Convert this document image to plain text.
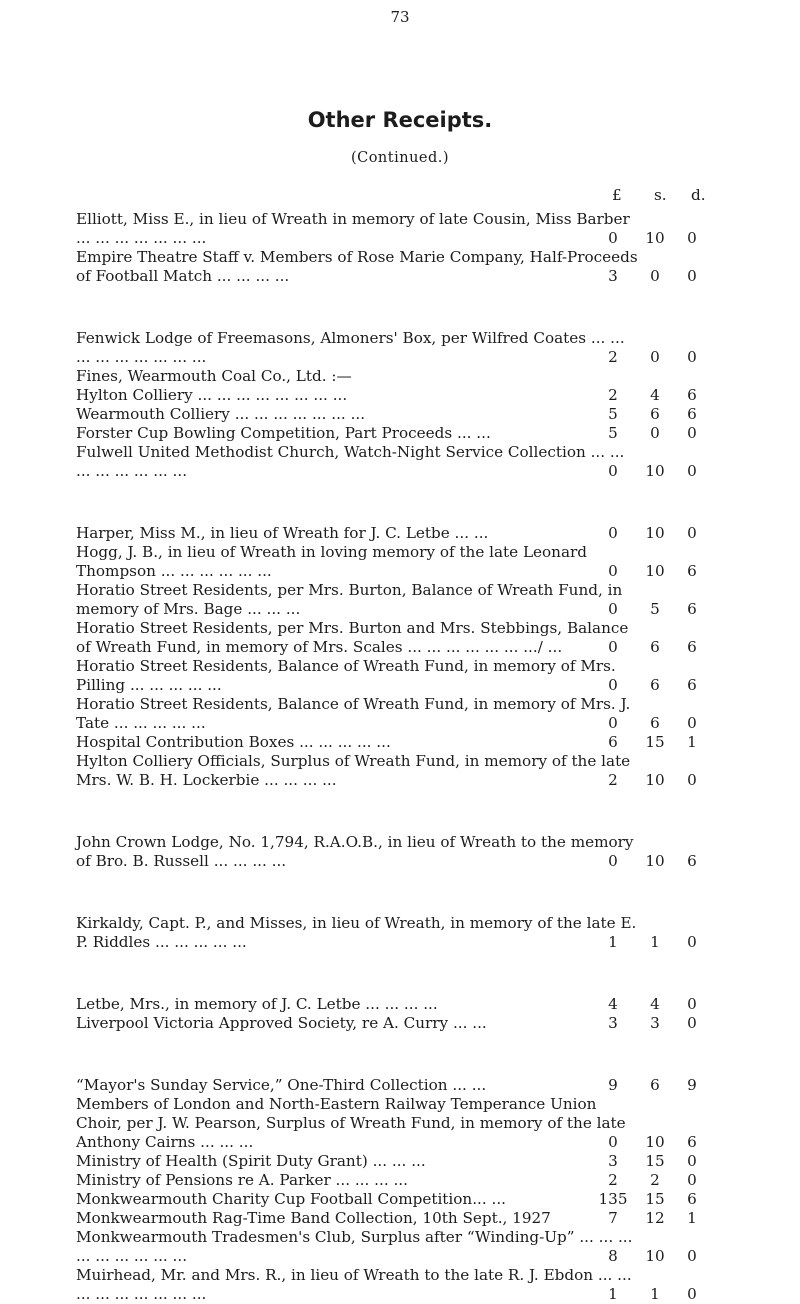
73
Other Receipts.
(Continued.)
£ s. d.
Elliott, Miss E., in lieu of Wreath in memory of late Cousin, Miss Barber ... ... ... ... ... ... ...	0	10	0
Empire Theatre Staff v. Members of Rose Marie Company, Half-Proceeds of Football Match ... ... ... ...	3	0	0
Fenwick Lodge of Freemasons, Almoners' Box, per Wilfred Coates ... ... ... ... ... ... ... ... ...	2	0	0
Fines, Wearmouth Coal Co., Ltd. :—
Hylton Colliery ... ... ... ... ... ... ... ...	2	4	6
Wearmouth Colliery ... ... ... ... ... ... ...	5	6	6
Forster Cup Bowling Competition, Part Proceeds ... ...	5	0	0
Fulwell United Methodist Church, Watch-Night Service Collection ... ... ... ... ... ... ... ...	0	10	0
Harper, Miss M., in lieu of Wreath for J. C. Letbe ... ...	0	10	0
Hogg, J. B., in lieu of Wreath in loving memory of the late Leonard Thompson ... ... ... ... ... ...	0	10	6
Horatio Street Residents, per Mrs. Burton, Balance of Wreath Fund, in memory of Mrs. Bage ... ... ...	0	5	6
Horatio Street Residents, per Mrs. Burton and Mrs. Stebbings, Balance of Wreath Fund, in memory of Mrs. Scales ... ... ... ... ... ... .../ ...	0	6	6
Horatio Street Residents, Balance of Wreath Fund, in memory of Mrs. Pilling ... ... ... ... ...	0	6	6
Horatio Street Residents, Balance of Wreath Fund, in memory of Mrs. J. Tate ... ... ... ... ...	0	6	0
Hospital Contribution Boxes ... ... ... ... ...	6	15	1
Hylton Colliery Officials, Surplus of Wreath Fund, in memory of the late Mrs. W. B. H. Lockerbie ... ... ... ...	2	10	0
John Crown Lodge, No. 1,794, R.A.O.B., in lieu of Wreath to the memory of Bro. B. Russell ... ... ... ...	0	10	6
Kirkaldy, Capt. P., and Misses, in lieu of Wreath, in memory of the late E. P. Riddles ... ... ... ... ...	1	1	0
Letbe, Mrs., in memory of J. C. Letbe ... ... ... ...	4	4	0
Liverpool Victoria Approved Society, re A. Curry ... ...	3	3	0
“Mayor's Sunday Service,” One-Third Collection ... ...	9	6	9
Members of London and North-Eastern Railway Temperance Union Choir, per J. W. Pearson, Surplus of Wreath Fund, in memory of the late Anthony Cairns ... ... ...	0	10	6
Ministry of Health (Spirit Duty Grant) ... ... ...	3	15	0
Ministry of Pensions re A. Parker ... ... ... ...	2	2	0
Monkwearmouth Charity Cup Football Competition... ...	135	15	6
Monkwearmouth Rag-Time Band Collection, 10th Sept., 1927	7	12	1
Monkwearmouth Tradesmen's Club, Surplus after “Winding-Up” ... ... ... ... ... ... ... ... ...	8	10	0
Muirhead, Mr. and Mrs. R., in lieu of Wreath to the late R. J. Ebdon ... ... ... ... ... ... ... ... ...	1	1	0
